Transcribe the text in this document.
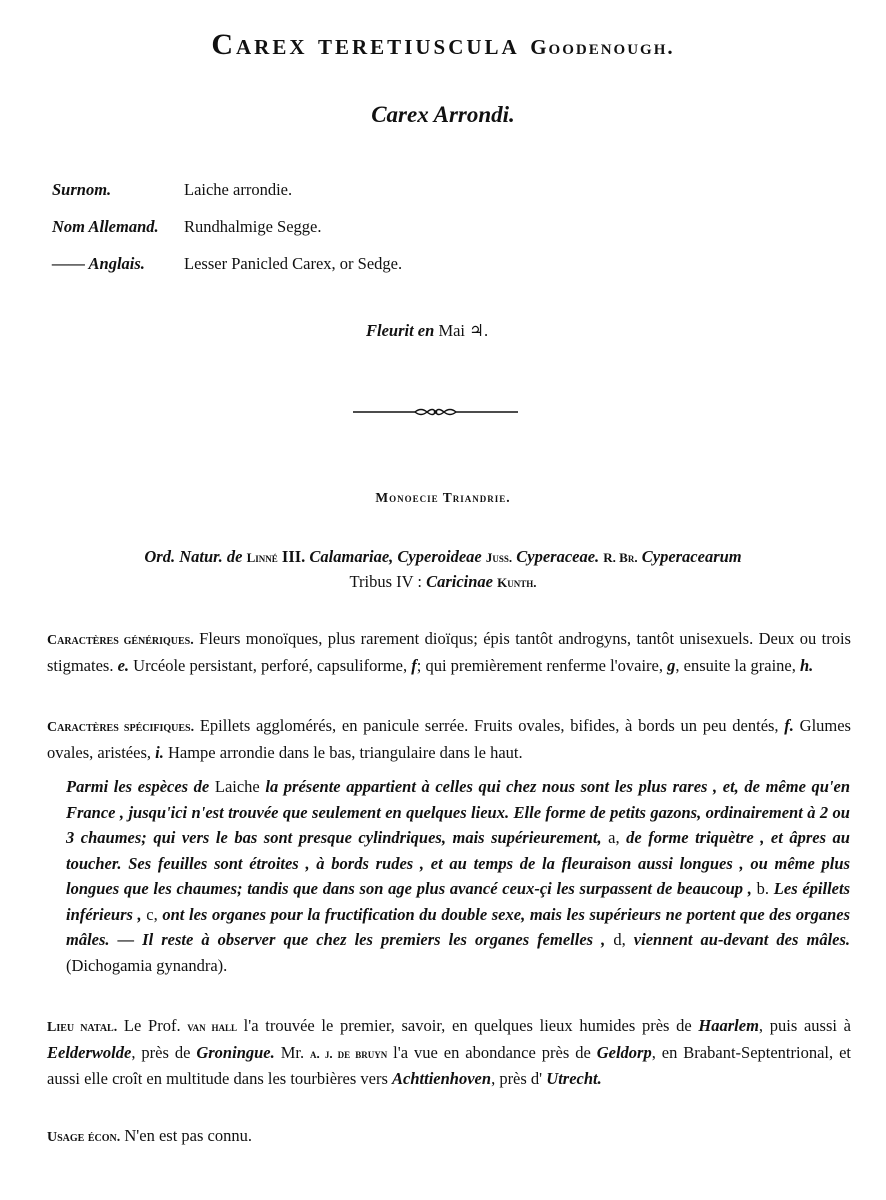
Carex teretiuscula Goodenough.
Carex Arrondi.
Surnom.	Laiche arrondie.
Nom Allemand. Rundhalmige Segge.
—— Anglais. Lesser Panicled Carex, or Sedge.
Fleurit en Mai ♃.
Monoecie Triandrie.
Ord. Natur. de Linné III. Calamariae, Cyperoideae Juss. Cyperaceae. R. Br. Cyperacearum
Tribus IV : Caricinae Kunth.
Caractères génériques. Fleurs monoïques, plus rarement dioïqus; épis tantôt androgyns, tantôt unisexuels. Deux ou trois stigmates. e. Urcéole persistant, perforé, capsuliforme, f; qui premièrement renferme l'ovaire, g, ensuite la graine, h.
Caractères spécifiques. Epillets agglomérés, en panicule serrée. Fruits ovales, bifides, à bords un peu dentés, f. Glumes ovales, aristées, i. Hampe arrondie dans le bas, triangulaire dans le haut.
Parmi les espèces de Laiche la présente appartient à celles qui chez nous sont les plus rares , et, de même qu'en France , jusqu'ici n'est trouvée que seulement en quelques lieux. Elle forme de petits gazons, ordinairement à 2 ou 3 chaumes; qui vers le bas sont presque cylindriques, mais supérieurement, a, de forme triquètre , et âpres au toucher. Ses feuilles sont étroites , à bords rudes , et au temps de la fleuraison aussi longues , ou même plus longues que les chaumes; tandis que dans son age plus avancé ceux-çi les surpassent de beaucoup , b. Les épillets inférieurs , c, ont les organes pour la fructification du double sexe, mais les supérieurs ne portent que des organes mâles. — Il reste à observer que chez les premiers les organes femelles , d, viennent au-devant des mâles. (Dichogamia gynandra).
Lieu natal. Le Prof. van hall l'a trouvée le premier, savoir, en quelques lieux humides près de Haarlem, puis aussi à Eelderwolde, près de Groningue. Mr. a. j. de bruyn l'a vue en abondance près de Geldorp, en Brabant-Septentrional, et aussi elle croît en multitude dans les tourbières vers Achttienhoven, près d' Utrecht.
Usage écon. N'en est pas connu.
